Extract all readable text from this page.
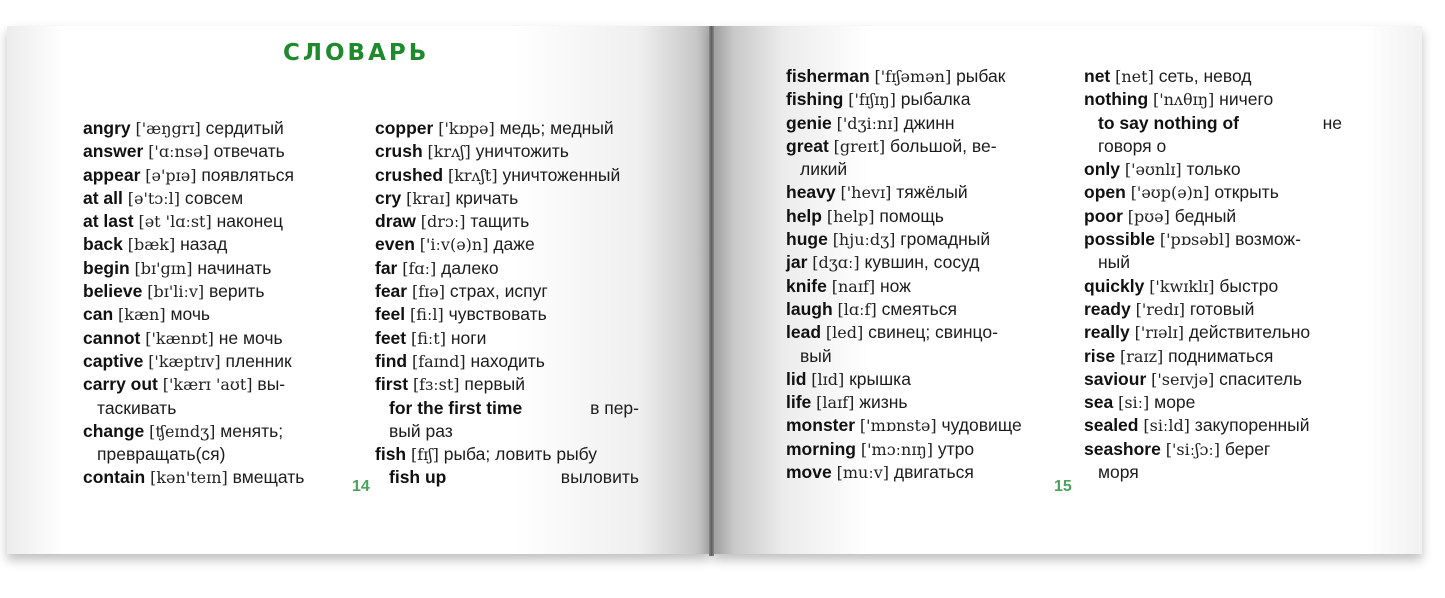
СЛОВАРЬ
angry ['æŋgrɪ] сердитый
answer ['ɑːnsə] отвечать
appear [ə'pɪə] появляться
at all [ə'tɔːl] совсем
at last [ət 'lɑːst] наконец
back [bæk] назад
begin [bɪ'gɪn] начинать
believe [bɪ'liːv] верить
can [kæn] мочь
cannot ['kænɒt] не мочь
captive ['kæptɪv] пленник
carry out ['kærɪ 'aʊt] вы-
таскивать
change [ʧeɪndʒ] менять;
превращать(ся)
contain [kən'teɪn] вмещать
copper ['kɒpə] медь; медный
crush [krʌʃ] уничтожить
crushed [krʌʃt] уничтоженный
cry [kraɪ] кричать
draw [drɔː] тащить
even ['iːv(ə)n] даже
far [fɑː] далеко
fear [fɪə] страх, испуг
feel [fiːl] чувствовать
feet [fiːt] ноги
find [faɪnd] находить
first [fɜːst] первый
for the first time	в пер-
вый раз
fish [fɪʃ] рыба; ловить рыбу
fish up	выловить
fisherman ['fɪʃəmən] рыбак
fishing ['fɪʃɪŋ] рыбалка
genie ['dʒiːnɪ] джинн
great [greɪt] большой, ве-
ликий
heavy ['hevɪ] тяжёлый
help [help] помощь
huge [hjuːdʒ] громадный
jar [dʒɑː] кувшин, сосуд
knife [naɪf] нож
laugh [lɑːf] смеяться
lead [led] свинец; свинцо-
вый
lid [lɪd] крышка
life [laɪf] жизнь
monster ['mɒnstə] чудовище
morning ['mɔːnɪŋ] утро
move [muːv] двигаться
net [net] сеть, невод
nothing ['nʌθɪŋ] ничего
to say nothing of	не
говоря о
only ['əʊnlɪ] только
open ['əʊp(ə)n] открыть
poor [pʊə] бедный
possible ['pɒsəbl] возмож-
ный
quickly ['kwɪklɪ] быстро
ready ['redɪ] готовый
really ['rɪəlɪ] действительно
rise [raɪz] подниматься
saviour ['seɪvjə] спаситель
sea [siː] море
sealed [siːld] закупоренный
seashore ['siːʃɔː] берег
моря
14	15
